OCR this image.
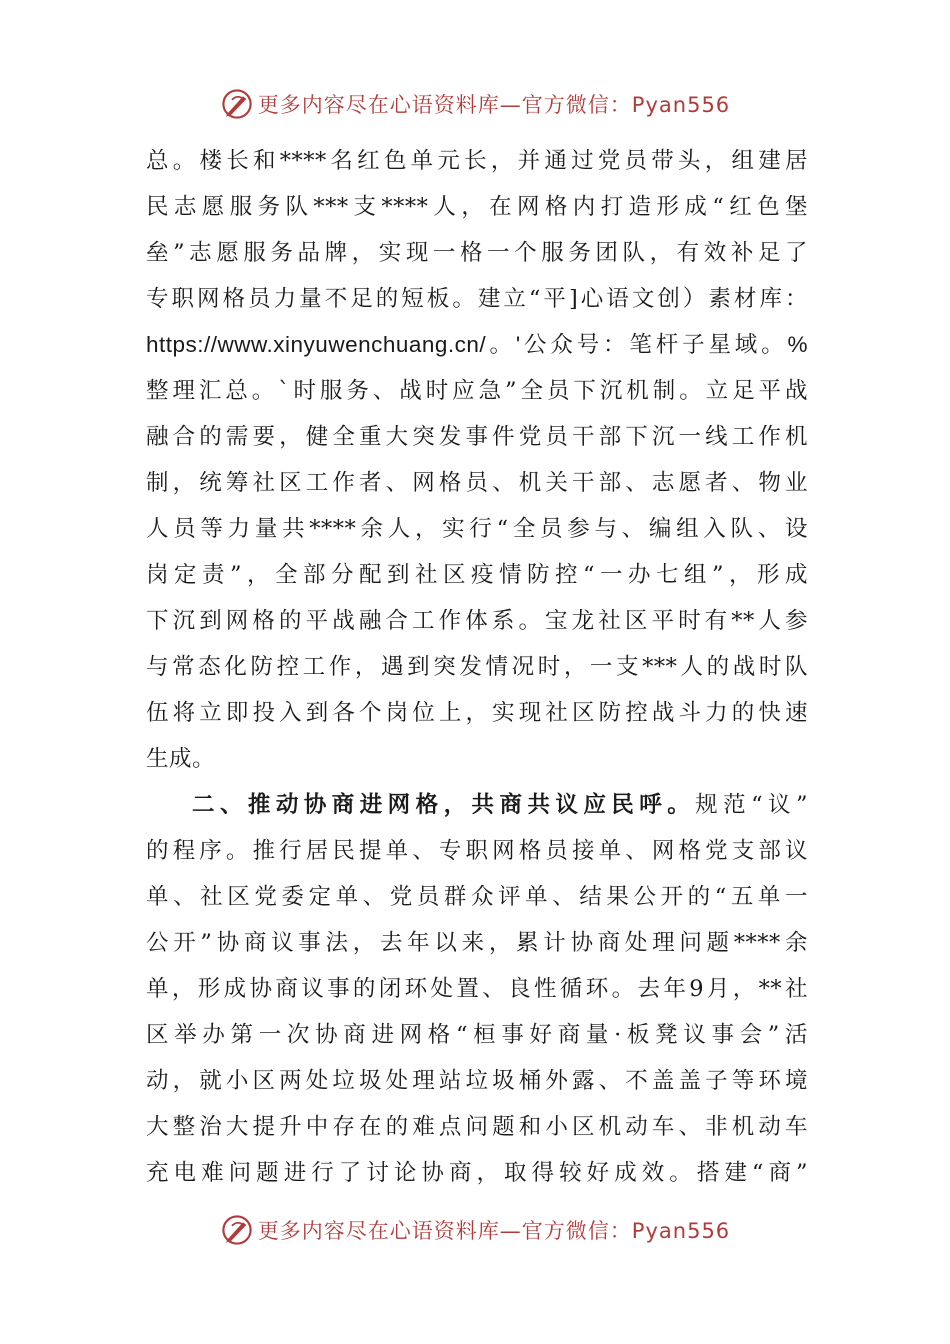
更多内容尽在心语资料库—官方微信：Pyan556
总。楼长和****名红色单元长，并通过党员带头，组建居
民志愿服务队***支****人，在网格内打造形成“红色堡
垒”志愿服务品牌，实现一格一个服务团队，有效补足了
专职网格员力量不足的短板。建立“平]心语文创）素材库：
https://www.xinyuwenchuang.cn/。'公众号：笔杆子星域。%
整理汇总。`时服务、战时应急”全员下沉机制。立足平战
融合的需要，健全重大突发事件党员干部下沉一线工作机
制，统筹社区工作者、网格员、机关干部、志愿者、物业
人员等力量共****余人，实行“全员参与、编组入队、设
岗定责”，全部分配到社区疫情防控“一办七组”，形成
下沉到网格的平战融合工作体系。宝龙社区平时有**人参
与常态化防控工作，遇到突发情况时，一支***人的战时队
伍将立即投入到各个岗位上，实现社区防控战斗力的快速
生成。
二、推动协商进网格，共商共议应民呼。规范“议”
的程序。推行居民提单、专职网格员接单、网格党支部议
单、社区党委定单、党员群众评单、结果公开的“五单一
公开”协商议事法，去年以来，累计协商处理问题****余
单，形成协商议事的闭环处置、良性循环。去年9月，**社
区举办第一次协商进网格“桓事好商量·板凳议事会”活
动，就小区两处垃圾处理站垃圾桶外露、不盖盖子等环境
大整治大提升中存在的难点问题和小区机动车、非机动车
充电难问题进行了讨论协商，取得较好成效。搭建“商”
更多内容尽在心语资料库—官方微信：Pyan556
